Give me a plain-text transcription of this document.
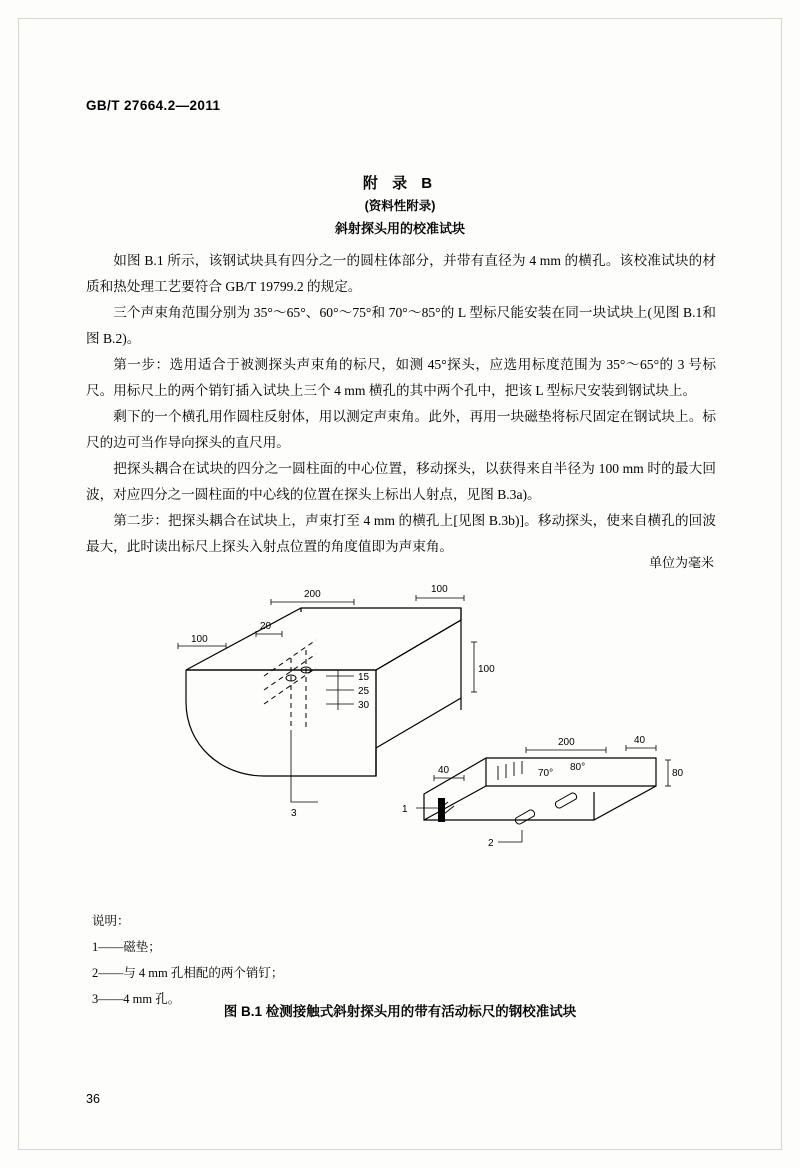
GB/T 27664.2—2011
附 录 B
(资料性附录)
斜射探头用的校准试块

如图 B.1 所示，该钢试块具有四分之一的圆柱体部分，并带有直径为 4 mm 的横孔。该校准试块的材质和热处理工艺要符合 GB/T 19799.2 的规定。

三个声束角范围分别为 35°～65°、60°～75°和 70°～85°的 L 型标尺能安装在同一块试块上(见图 B.1和图 B.2)。

第一步：选用适合于被测探头声束角的标尺，如测 45°探头，应选用标度范围为 35°～65°的 3 号标尺。用标尺上的两个销钉插入试块上三个 4 mm 横孔的其中两个孔中，把该 L 型标尺安装到钢试块上。

剩下的一个横孔用作圆柱反射体，用以测定声束角。此外，再用一块磁垫将标尺固定在钢试块上。标尺的边可当作导向探头的直尺用。

把探头耦合在试块的四分之一圆柱面的中心位置，移动探头，以获得来自半径为 100 mm 时的最大回波，对应四分之一圆柱面的中心线的位置在探头上标出人射点，见图 B.3a)。

第二步：把探头耦合在试块上，声束打至 4 mm 的横孔上[见图 B.3b)]。移动探头，使来自横孔的回波最大，此时读出标尺上探头入射点位置的角度值即为声束角。

单位为毫米
200	100
100
20
100
15
25
30
3
200
40
40
80
70°
80°
1
2
说明：
1——磁垫；
2——与 4 mm 孔相配的两个销钉；
3——4 mm 孔。
图 B.1 检测接触式斜射探头用的带有活动标尺的钢校准试块
36
